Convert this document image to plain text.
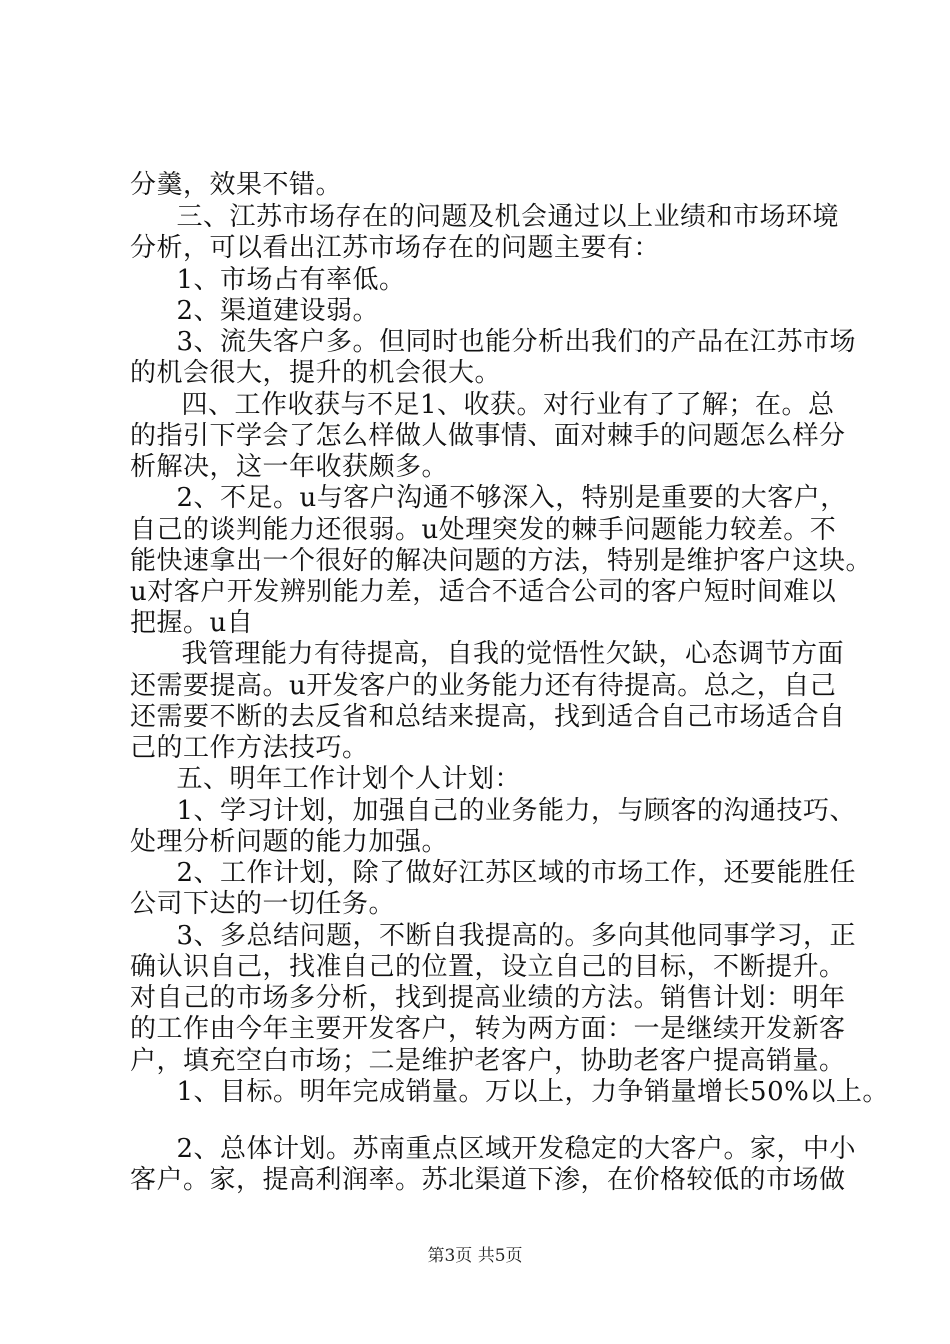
分羹，效果不错。
　三、江苏市场存在的问题及机会通过以上业绩和市场环境
分析，可以看出江苏市场存在的问题主要有：
　1、市场占有率低。
　2、渠道建设弱。
　3、流失客户多。但同时也能分析出我们的产品在江苏市场
的机会很大，提升的机会很大。
　四、工作收获与不足1、收获。对行业有了了解；在。总
的指引下学会了怎么样做人做事情、面对棘手的问题怎么样分
析解决，这一年收获颇多。
　2、不足。u与客户沟通不够深入，特别是重要的大客户，
自己的谈判能力还很弱。u处理突发的棘手问题能力较差。不
能快速拿出一个很好的解决问题的方法，特别是维护客户这块。
u对客户开发辨别能力差，适合不适合公司的客户短时间难以
把握。u自
　我管理能力有待提高，自我的觉悟性欠缺，心态调节方面
还需要提高。u开发客户的业务能力还有待提高。总之，自己
还需要不断的去反省和总结来提高，找到适合自己市场适合自
己的工作方法技巧。
　五、明年工作计划个人计划：
　1、学习计划，加强自己的业务能力，与顾客的沟通技巧、
处理分析问题的能力加强。
　2、工作计划，除了做好江苏区域的市场工作，还要能胜任
公司下达的一切任务。
　3、多总结问题，不断自我提高的。多向其他同事学习，正
确认识自己，找准自己的位置，设立自己的目标，不断提升。
对自己的市场多分析，找到提高业绩的方法。销售计划：明年
的工作由今年主要开发客户，转为两方面：一是继续开发新客
户，填充空白市场；二是维护老客户，协助老客户提高销量。
　1、目标。明年完成销量。万以上，力争销量增长50%以上。
　2、总体计划。苏南重点区域开发稳定的大客户。家，中小
客户。家，提高利润率。苏北渠道下渗，在价格较低的市场做
第3页 共5页
